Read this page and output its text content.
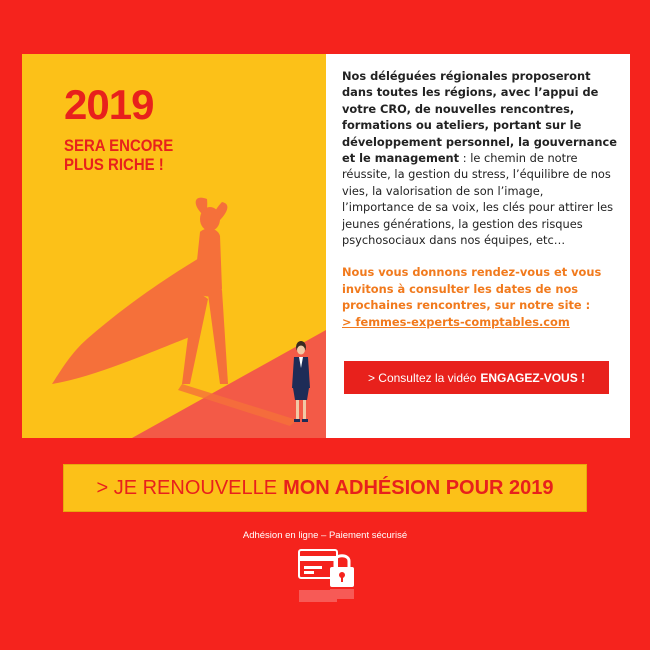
2019
SERA ENCORE
PLUS RICHE !

Nos déléguées régionales proposeront dans toutes les régions, avec l’appui de votre CRO, de nouvelles rencontres, formations ou ateliers, portant sur le développement personnel, la gouvernance et le management : le chemin de notre réussite, la gestion du stress, l’équilibre de nos vies, la valorisation de son l’image, l’importance de sa voix, les clés pour attirer les jeunes générations, la gestion des risques psychosociaux dans nos équipes, etc…

Nous vous donnons rendez-vous et vous invitons à consulter les dates de nos prochaines rencontres, sur notre site :
> femmes-experts-comptables.com

> Consultez la vidéo ENGAGEZ-VOUS !
> JE RENOUVELLE MON ADHÉSION POUR 2019
Adhésion en ligne – Paiement sécurisé
